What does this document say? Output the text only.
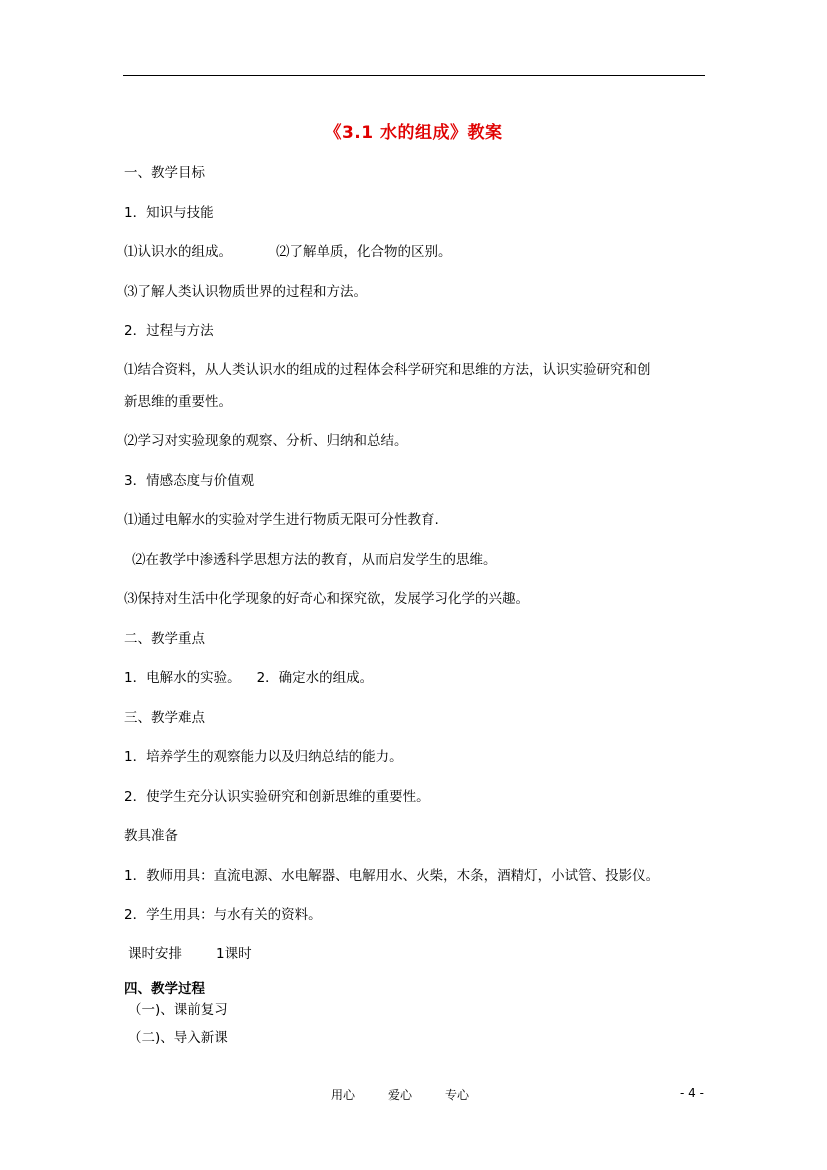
《3.1 水的组成》教案
一、教学目标
1．知识与技能
⑴认识水的组成。	⑵了解单质，化合物的区别。
⑶了解人类认识物质世界的过程和方法。
2．过程与方法
⑴结合资料，从人类认识水的组成的过程体会科学研究和思维的方法，认识实验研究和创
新思维的重要性。
⑵学习对实验现象的观察、分析、归纳和总结。
3．情感态度与价值观
⑴通过电解水的实验对学生进行物质无限可分性教育.
⑵在教学中渗透科学思想方法的教育，从而启发学生的思维。
⑶保持对生活中化学现象的好奇心和探究欲，发展学习化学的兴趣。
二、教学重点
1．电解水的实验。 2．确定水的组成。
三、教学难点
1．培养学生的观察能力以及归纳总结的能力。
2．使学生充分认识实验研究和创新思维的重要性。
教具准备
1．教师用具：直流电源、水电解器、电解用水、火柴，木条，酒精灯，小试管、投影仪。
2．学生用具：与水有关的资料。
课时安排	1课时
四、教学过程
（一)、课前复习
（二)、导入新课
用心	爱心	专心	- 4 -
